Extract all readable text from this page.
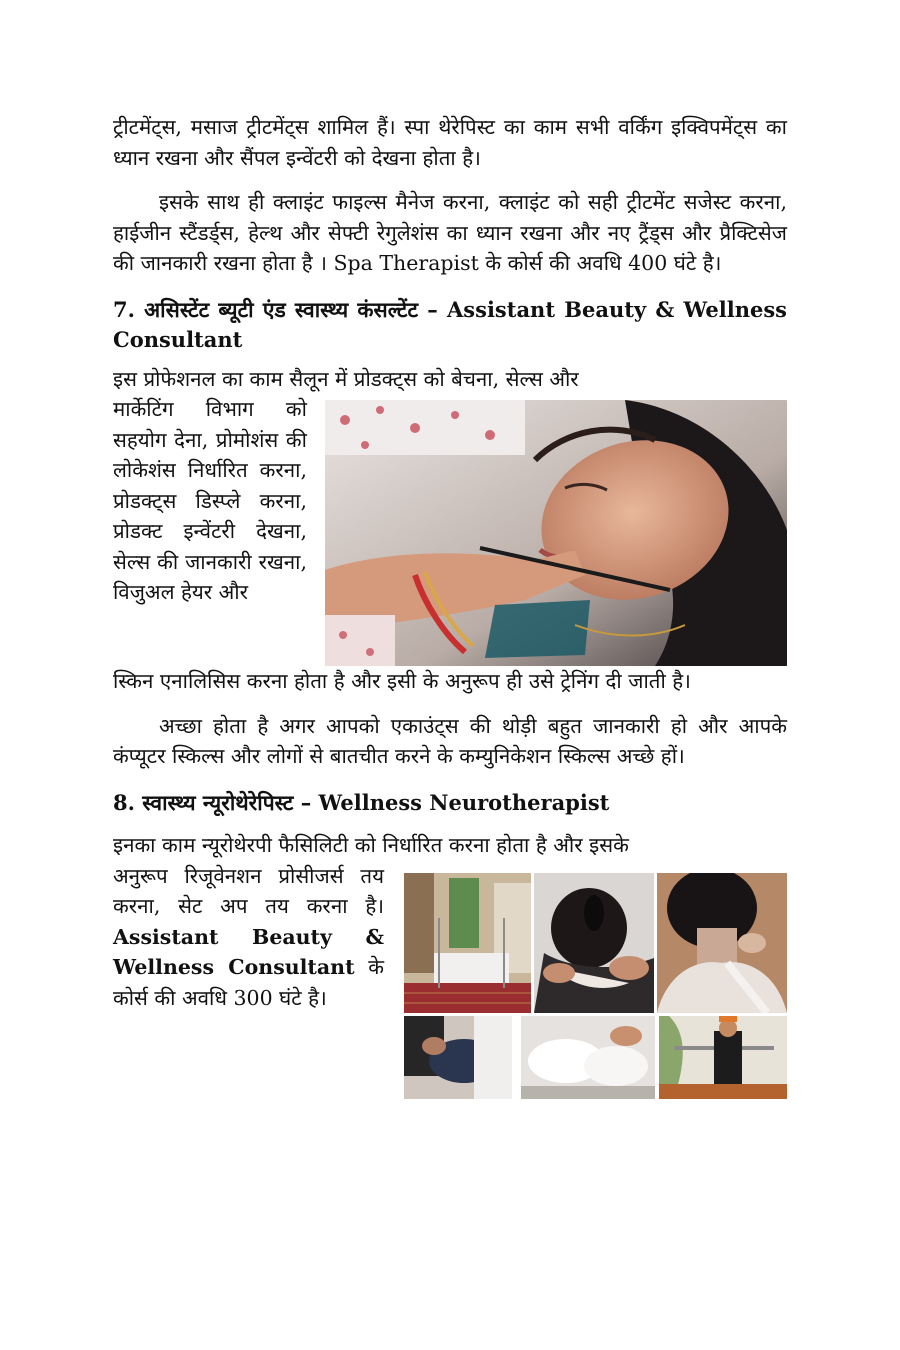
ट्रीटमेंट्स, मसाज ट्रीटमेंट्स शामिल हैं। स्पा थेरेपिस्ट का काम सभी वर्किंग इक्विपमेंट्स का ध्यान रखना और सैंपल इन्वेंटरी को देखना होता है।

इसके साथ ही क्लाइंट फाइल्स मैनेज करना, क्लाइंट को सही ट्रीटमेंट सजेस्ट करना, हाईजीन स्टैंडर्ड्स, हेल्थ और सेफ्टी रेगुलेशंस का ध्यान रखना और नए ट्रैंड्स और प्रैक्टिसेज की जानकारी रखना होता है । Spa Therapist के कोर्स की अवधि 400 घंटे है।

7. असिस्टेंट ब्यूटी एंड स्वास्थ्य कंसल्टेंट – Assistant Beauty & Wellness Consultant

इस प्रोफेशनल का काम सैलून में प्रोडक्ट्स को बेचना, सेल्स और

मार्केटिंग विभाग को सहयोग देना, प्रोमोशंस की लोकेशंस निर्धारित करना, प्रोडक्ट्स डिस्प्ले करना, प्रोडक्ट इन्वेंटरी देखना, सेल्स की जानकारी रखना, विजुअल हेयर और

स्किन एनालिसिस करना होता है और इसी के अनुरूप ही उसे ट्रेनिंग दी जाती है।

अच्छा होता है अगर आपको एकाउंट्स की थोड़ी बहुत जानकारी हो और आपके कंप्यूटर स्किल्स और लोगों से बातचीत करने के कम्युनिकेशन स्किल्स अच्छे हों।

8. स्वास्थ्य न्यूरोथेरेपिस्ट – Wellness Neurotherapist

इनका काम न्यूरोथेरपी फैसिलिटी को निर्धारित करना होता है और इसके

अनुरूप रिजूवेनशन प्रोसीजर्स तय करना, सेट अप तय करना है। Assistant Beauty & Wellness Consultant के कोर्स की अवधि 300 घंटे है।
